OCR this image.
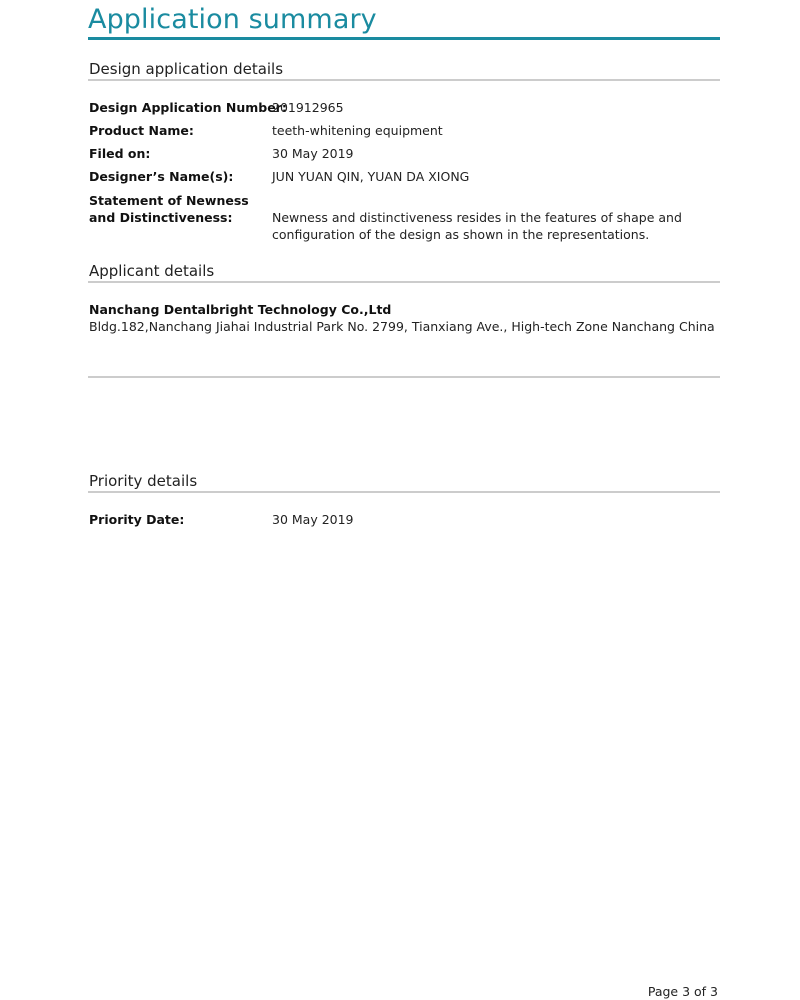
Application summary
Design application details
Design Application Number:
201912965
Product Name:	teeth-whitening equipment
Filed on:	30 May 2019
Designer’s Name(s):	JUN YUAN QIN, YUAN DA XIONG
Statement of Newness
and Distinctiveness:	Newness and distinctiveness resides in the features of shape and
configuration of the design as shown in the representations.
Applicant details
Nanchang Dentalbright Technology Co.,Ltd
Bldg.182,Nanchang Jiahai Industrial Park No. 2799, Tianxiang Ave., High-tech Zone Nanchang China
Priority details
Priority Date:	30 May 2019
Page 3 of 3
